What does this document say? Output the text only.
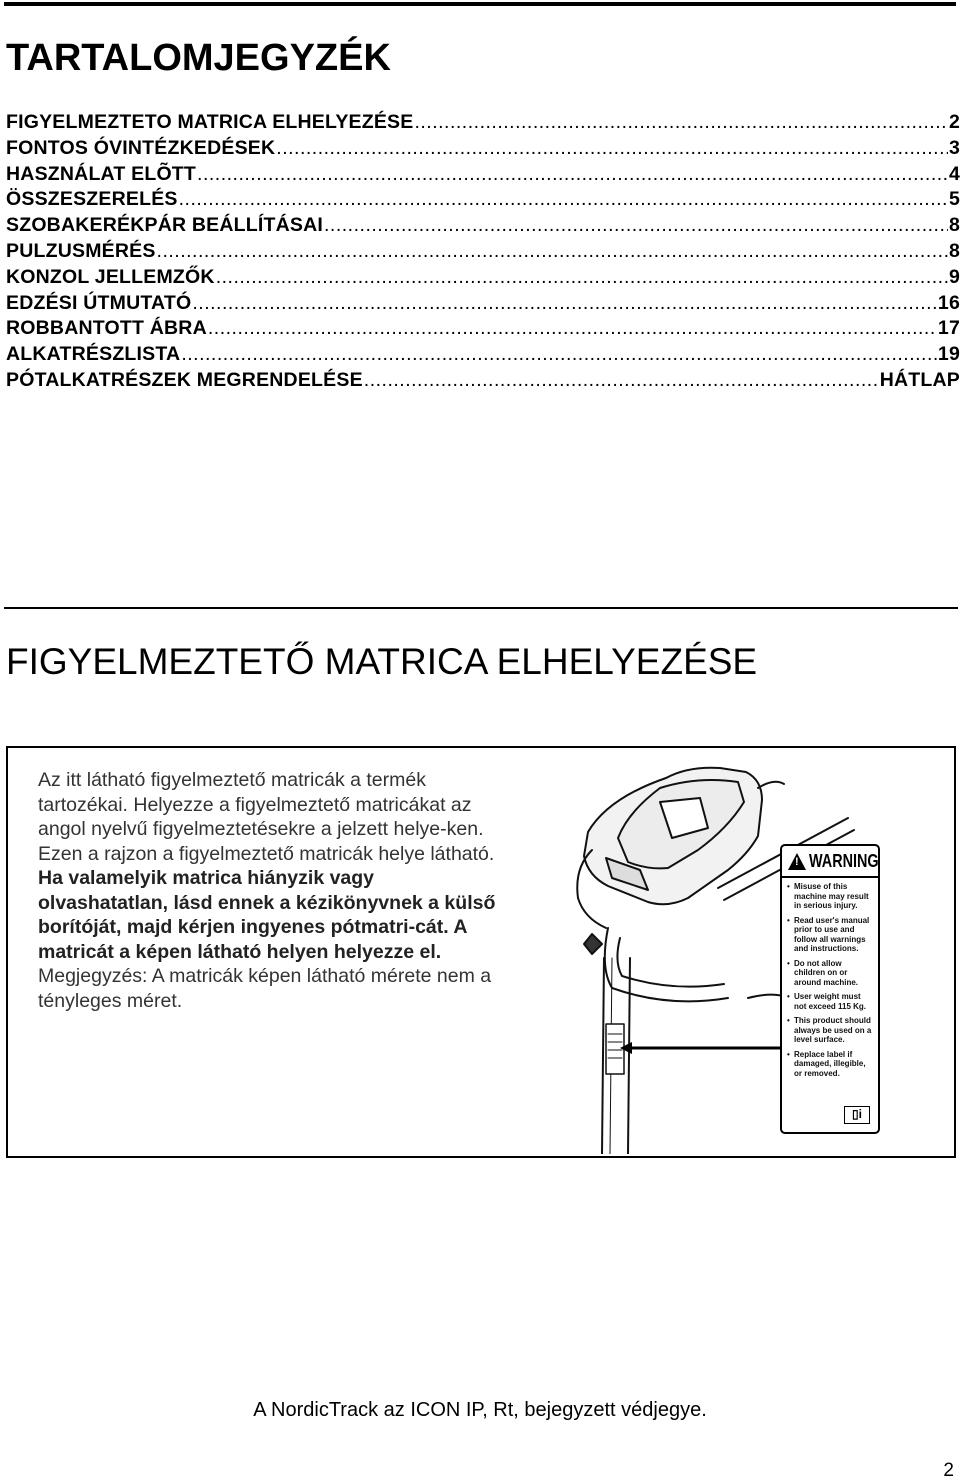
TARTALOMJEGYZÉK
FIGYELMEZTETO MATRICA ELHELYEZÉSE .....	2
FONTOS ÓVINTÉZKEDÉSEK .....	3
HASZNÁLAT ELÕTT .....	4
ÖSSZESZERELÉS .....	5
SZOBAKERÉKPÁR BEÁLLÍTÁSAI .....	8
PULZUSMÉRÉS .....	8
KONZOL JELLEMZŐK .....	9
EDZÉSI ÚTMUTATÓ .....	16
ROBBANTOTT ÁBRA .....	17
ALKATRÉSZLISTA .....	19
PÓTALKATRÉSZEK MEGRENDELÉSE .....	HÁTLAP
FIGYELMEZTETŐ MATRICA ELHELYEZÉSE
Az itt látható figyelmeztető matricák a termék tartozékai. Helyezze a figyelmeztető matricákat az angol nyelvű figyelmeztetésekre a jelzett helye-ken. Ezen a rajzon a figyelmeztető matricák helye látható. Ha valamelyik matrica hiányzik vagy olvashatatlan, lásd ennek a kézikönyvnek a külső borítóját, majd kérjen ingyenes pótmatri-cát. A matricát a képen látható helyen helyezze el. Megjegyzés: A matricák képen látható mérete nem a tényleges méret.
!
WARNING
• Misuse of this machine may result in serious injury.
• Read user's manual prior to use and follow all warnings and instructions.
• Do not allow children on or around machine.
• User weight must not exceed 115 Kg.
• This product should always be used on a level surface.
• Replace label if damaged, illegible, or removed.
▯i
A NordicTrack az ICON IP, Rt, bejegyzett védjegye.
2
